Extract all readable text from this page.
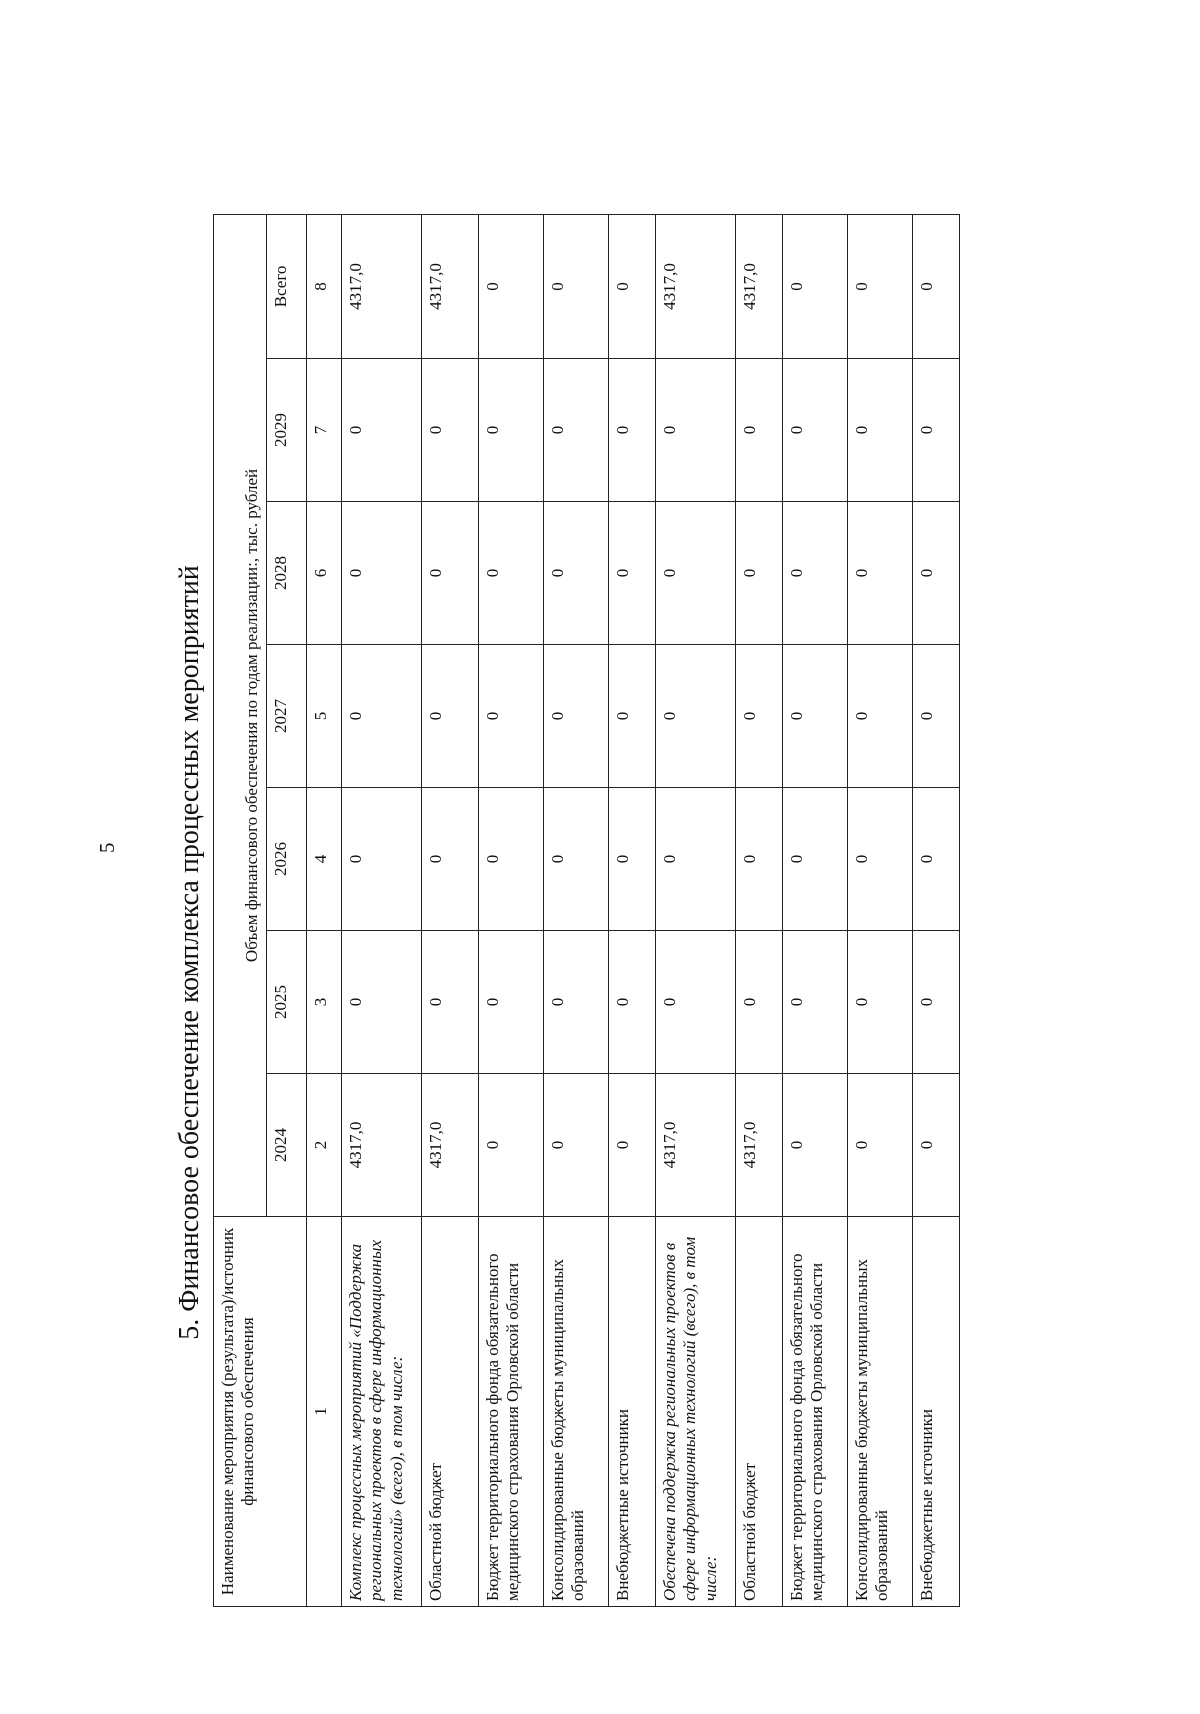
5 5. Финансовое обеспечение комплекса процессных мероприятий
Наименование мероприятия (результата)/источник финансового обеспечения	Объем финансового обеспечения по годам реализации:, тыс. рублей						
	2024	2025	2026	2027	2028	2029	Всего
1	2	3	4	5	6	7	8
Комплекс процессных мероприятий «Поддержка региональных проектов в сфере информационных технологий» (всего), в том числе:	4317,0	0	0	0	0	0	4317,0
Областной бюджет	4317,0	0	0	0	0	0	4317,0
Бюджет территориального фонда обязательного медицинского страхования Орловской области	0	0	0	0	0	0	0
Консолидированные бюджеты муниципальных образований	0	0	0	0	0	0	0
Внебюджетные источники	0	0	0	0	0	0	0
Обеспечена поддержка региональных проектов в сфере информационных технологий (всего), в том числе:	4317,0	0	0	0	0	0	4317,0
Областной бюджет	4317,0	0	0	0	0	0	4317,0
Бюджет территориального фонда обязательного медицинского страхования Орловской области	0	0	0	0	0	0	0
Консолидированные бюджеты муниципальных образований	0	0	0	0	0	0	0
Внебюджетные источники	0	0	0	0	0	0	0
